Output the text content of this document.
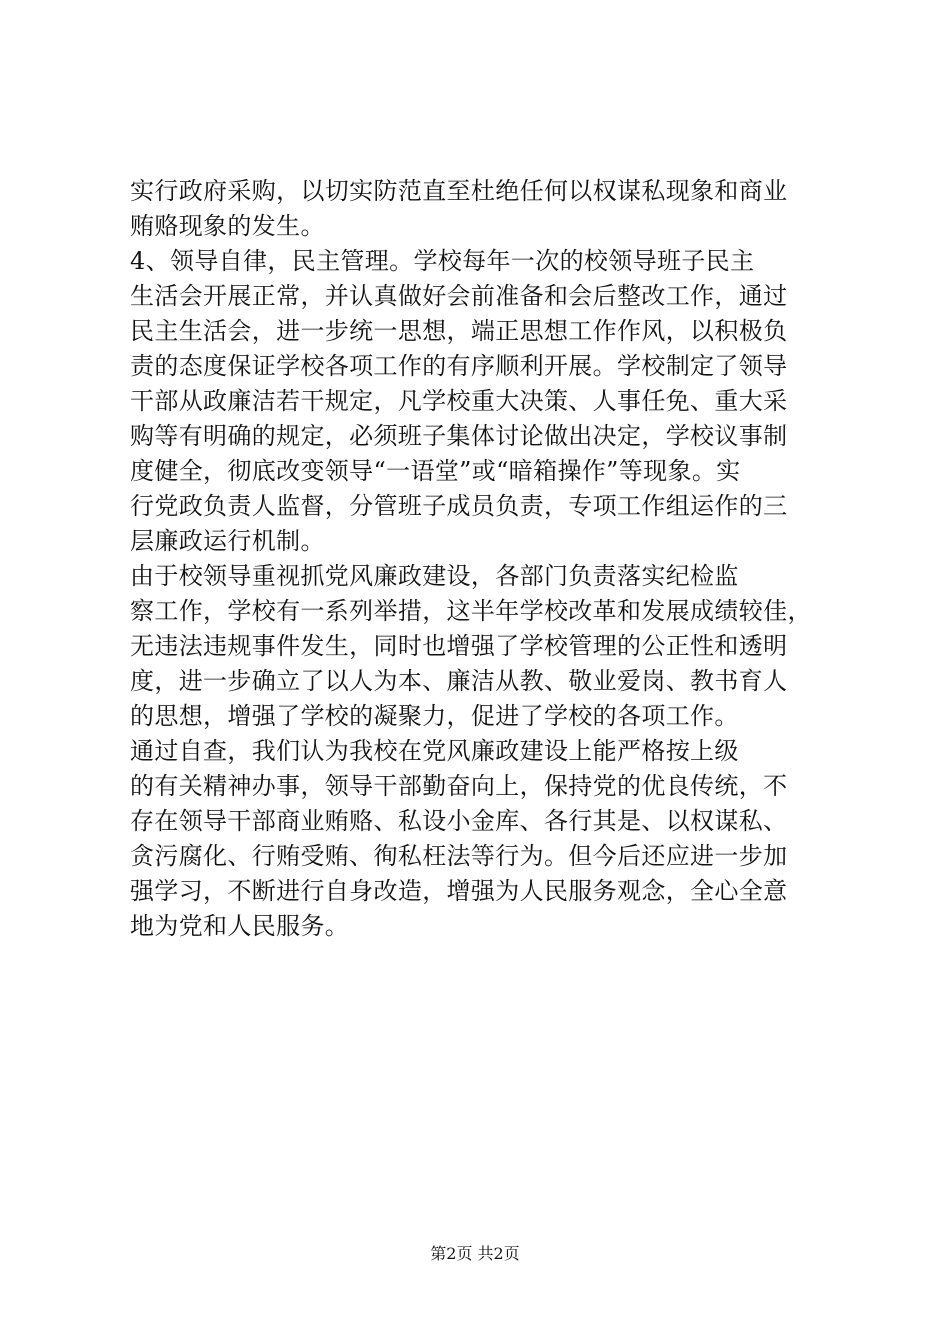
实行政府采购，以切实防范直至杜绝任何以权谋私现象和商业
贿赂现象的发生。
4、领导自律，民主管理。学校每年一次的校领导班子民主
生活会开展正常，并认真做好会前准备和会后整改工作，通过
民主生活会，进一步统一思想，端正思想工作作风，以积极负
责的态度保证学校各项工作的有序顺利开展。学校制定了领导
干部从政廉洁若干规定，凡学校重大决策、人事任免、重大采
购等有明确的规定，必须班子集体讨论做出决定，学校议事制
度健全，彻底改变领导“一语堂”或“暗箱操作”等现象。实
行党政负责人监督，分管班子成员负责，专项工作组运作的三
层廉政运行机制。
由于校领导重视抓党风廉政建设，各部门负责落实纪检监
察工作，学校有一系列举措，这半年学校改革和发展成绩较佳，
无违法违规事件发生，同时也增强了学校管理的公正性和透明
度，进一步确立了以人为本、廉洁从教、敬业爱岗、教书育人
的思想，增强了学校的凝聚力，促进了学校的各项工作。
通过自查，我们认为我校在党风廉政建设上能严格按上级
的有关精神办事，领导干部勤奋向上，保持党的优良传统，不
存在领导干部商业贿赂、私设小金库、各行其是、以权谋私、
贪污腐化、行贿受贿、徇私枉法等行为。但今后还应进一步加
强学习，不断进行自身改造，增强为人民服务观念，全心全意
地为党和人民服务。
第2页 共2页
